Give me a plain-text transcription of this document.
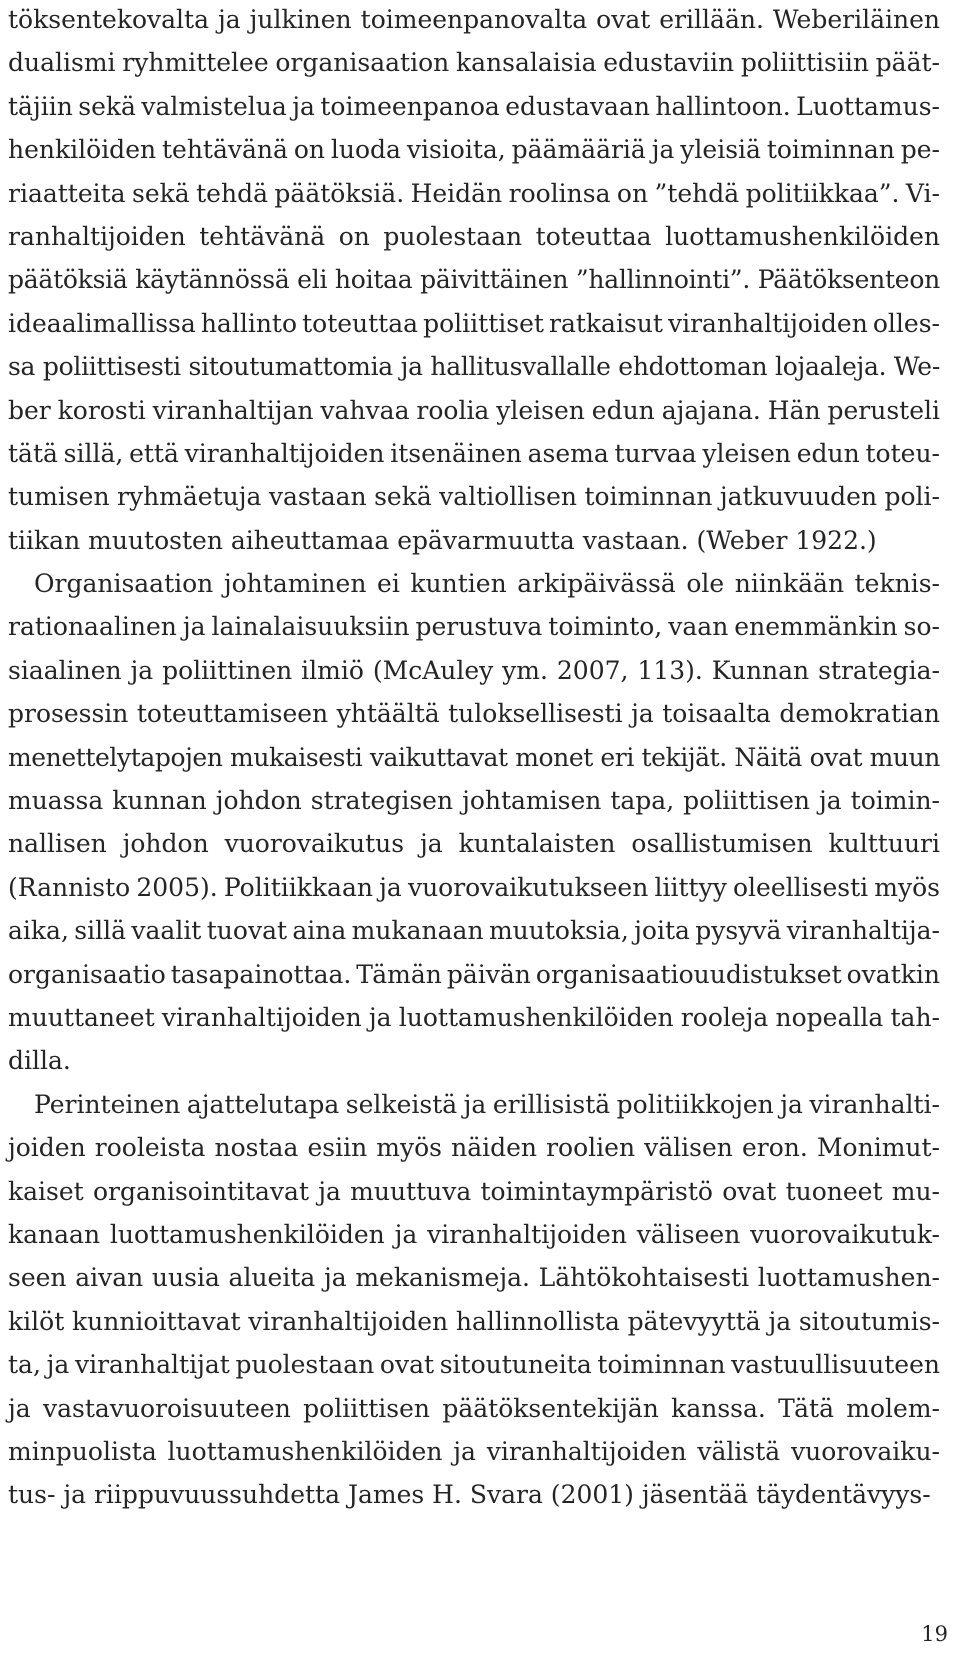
töksentekovalta ja julkinen toimeenpanovalta ovat erillään. Weberiläinen
dualismi ryhmittelee organisaation kansalaisia edustaviin poliittisiin päät-
täjiin sekä valmistelua ja toimeenpanoa edustavaan hallintoon. Luottamus-
henkilöiden tehtävänä on luoda visioita, päämääriä ja yleisiä toiminnan pe-
riaatteita sekä tehdä päätöksiä. Heidän roolinsa on ”tehdä politiikkaa”. Vi-
ranhaltijoiden tehtävänä on puolestaan toteuttaa luottamushenkilöiden
päätöksiä käytännössä eli hoitaa päivittäinen ”hallinnointi”. Päätöksenteon
ideaalimallissa hallinto toteuttaa poliittiset ratkaisut viranhaltijoiden olles-
sa poliittisesti sitoutumattomia ja hallitusvallalle ehdottoman lojaaleja. We-
ber korosti viranhaltijan vahvaa roolia yleisen edun ajajana. Hän perusteli
tätä sillä, että viranhaltijoiden itsenäinen asema turvaa yleisen edun toteu-
tumisen ryhmäetuja vastaan sekä valtiollisen toiminnan jatkuvuuden poli-
tiikan muutosten aiheuttamaa epävarmuutta vastaan. (Weber 1922.)
Organisaation johtaminen ei kuntien arkipäivässä ole niinkään teknis-
rationaalinen ja lainalaisuuksiin perustuva toiminto, vaan enemmänkin so-
siaalinen ja poliittinen ilmiö (McAuley ym. 2007, 113). Kunnan strategia-
prosessin toteuttamiseen yhtäältä tuloksellisesti ja toisaalta demokratian
menettelytapojen mukaisesti vaikuttavat monet eri tekijät. Näitä ovat muun
muassa kunnan johdon strategisen johtamisen tapa, poliittisen ja toimin-
nallisen johdon vuorovaikutus ja kuntalaisten osallistumisen kulttuuri
(Rannisto 2005). Politiikkaan ja vuorovaikutukseen liittyy oleellisesti myös
aika, sillä vaalit tuovat aina mukanaan muutoksia, joita pysyvä viranhaltija-
organisaatio tasapainottaa. Tämän päivän organisaatiouudistukset ovatkin
muuttaneet viranhaltijoiden ja luottamushenkilöiden rooleja nopealla tah-
dilla.
Perinteinen ajattelutapa selkeistä ja erillisistä politiikkojen ja viranhalti-
joiden rooleista nostaa esiin myös näiden roolien välisen eron. Monimut-
kaiset organisointitavat ja muuttuva toimintaympäristö ovat tuoneet mu-
kanaan luottamushenkilöiden ja viranhaltijoiden väliseen vuorovaikutuk-
seen aivan uusia alueita ja mekanismeja. Lähtökohtaisesti luottamushen-
kilöt kunnioittavat viranhaltijoiden hallinnollista pätevyyttä ja sitoutumis-
ta, ja viranhaltijat puolestaan ovat sitoutuneita toiminnan vastuullisuuteen
ja vastavuoroisuuteen poliittisen päätöksentekijän kanssa. Tätä molem-
minpuolista luottamushenkilöiden ja viranhaltijoiden välistä vuorovaiku-
tus- ja riippuvuussuhdetta James H. Svara (2001) jäsentää täydentävyys-
19
